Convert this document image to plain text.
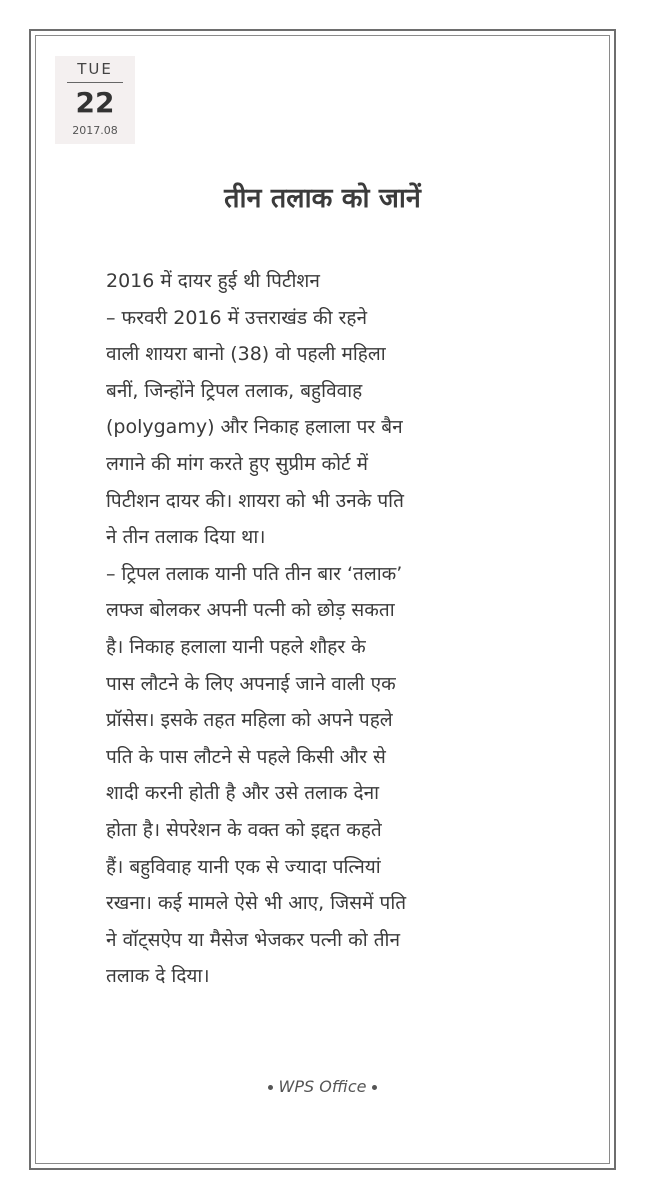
TUE
22
2017.08
तीन तलाक को जानें
2016 में दायर हुई थी पिटीशन
– फरवरी 2016 में उत्तराखंड की रहने
वाली शायरा बानो (38) वो पहली महिला
बनीं, जिन्होंने ट्रिपल तलाक, बहुविवाह
(polygamy) और निकाह हलाला पर बैन
लगाने की मांग करते हुए सुप्रीम कोर्ट में
पिटीशन दायर की। शायरा को भी उनके पति
ने तीन तलाक दिया था।
– ट्रिपल तलाक यानी पति तीन बार ‘तलाक’
लफ्ज बोलकर अपनी पत्नी को छोड़ सकता
है। निकाह हलाला यानी पहले शौहर के
पास लौटने के लिए अपनाई जाने वाली एक
प्रॉसेस। इसके तहत महिला को अपने पहले
पति के पास लौटने से पहले किसी और से
शादी करनी होती है और उसे तलाक देना
होता है। सेपरेशन के वक्त को इद्दत कहते
हैं। बहुविवाह यानी एक से ज्यादा पत्नियां
रखना। कई मामले ऐसे भी आए, जिसमें पति
ने वॉट्सऐप या मैसेज भेजकर पत्नी को तीन
तलाक दे दिया।
WPS Office
